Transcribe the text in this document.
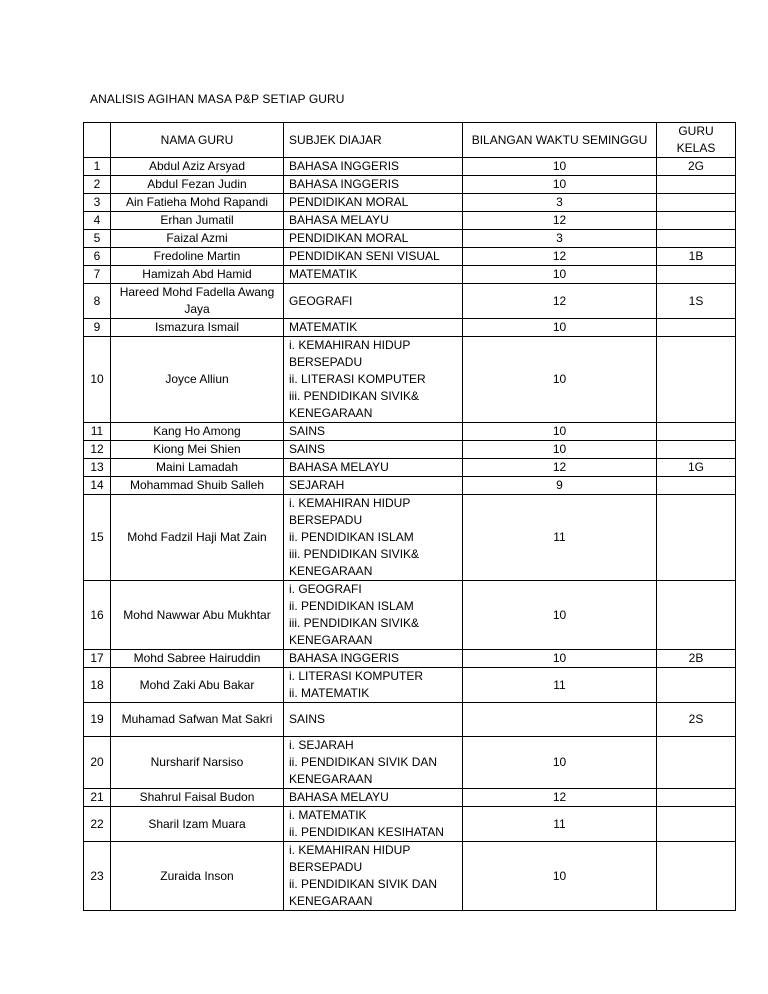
ANALISIS AGIHAN MASA P&P SETIAP GURU
	NAMA GURU	SUBJEK DIAJAR	BILANGAN WAKTU SEMINGGU	GURU KELAS
1	Abdul Aziz Arsyad	BAHASA INGGERIS	10	2G
2	Abdul Fezan Judin	BAHASA INGGERIS	10	
3	Ain Fatieha Mohd Rapandi	PENDIDIKAN MORAL	3	
4	Erhan Jumatil	BAHASA MELAYU	12	
5	Faizal Azmi	PENDIDIKAN MORAL	3	
6	Fredoline Martin	PENDIDIKAN SENI VISUAL	12	1B
7	Hamizah Abd Hamid	MATEMATIK	10	
8	Hareed Mohd Fadella Awang Jaya	GEOGRAFI	12	1S
9	Ismazura Ismail	MATEMATIK	10	
10	Joyce Alliun	i. KEMAHIRAN HIDUP BERSEPADU
ii. LITERASI KOMPUTER
iii. PENDIDIKAN SIVIK& KENEGARAAN	10	
11	Kang Ho Among	SAINS	10	
12	Kiong Mei Shien	SAINS	10	
13	Maini Lamadah	BAHASA MELAYU	12	1G
14	Mohammad Shuib Salleh	SEJARAH	9	
15	Mohd Fadzil Haji Mat Zain	i. KEMAHIRAN HIDUP BERSEPADU
ii. PENDIDIKAN ISLAM
iii. PENDIDIKAN SIVIK& KENEGARAAN	11	
16	Mohd Nawwar Abu Mukhtar	i. GEOGRAFI
ii. PENDIDIKAN ISLAM
iii. PENDIDIKAN SIVIK& KENEGARAAN	10	
17	Mohd Sabree Hairuddin	BAHASA INGGERIS	10	2B
18	Mohd Zaki Abu Bakar	i. LITERASI KOMPUTER
ii. MATEMATIK	11	
19	Muhamad Safwan Mat Sakri	SAINS		2S
20	Nursharif Narsiso	i. SEJARAH
ii. PENDIDIKAN SIVIK DAN KENEGARAAN	10	
21	Shahrul Faisal Budon	BAHASA MELAYU	12	
22	Sharil Izam Muara	i. MATEMATIK
ii. PENDIDIKAN KESIHATAN	11	
23	Zuraida Inson	i. KEMAHIRAN HIDUP BERSEPADU
ii. PENDIDIKAN SIVIK DAN KENEGARAAN	10	
